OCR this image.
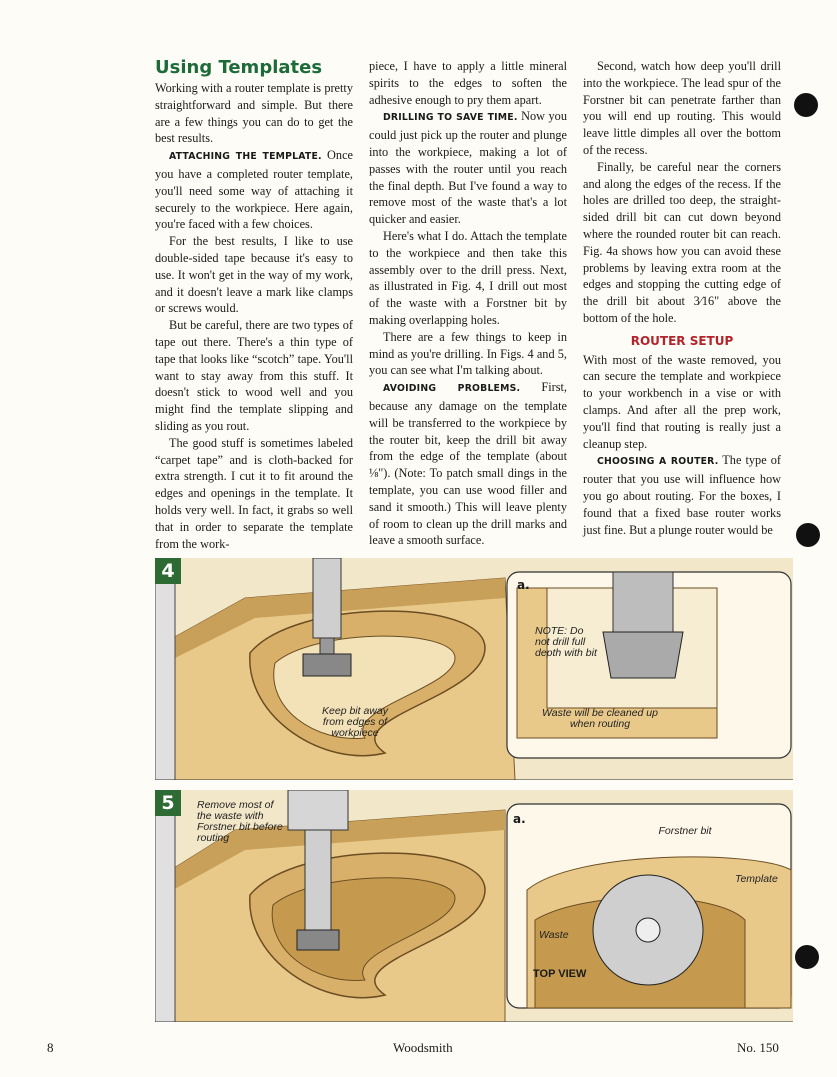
Using Templates

Working with a router template is pretty straightforward and simple. But there are a few things you can do to get the best results.

ATTACHING THE TEMPLATE. Once you have a completed router template, you'll need some way of attaching it securely to the workpiece. Here again, you're faced with a few choices.

For the best results, I like to use double-sided tape because it's easy to use. It won't get in the way of my work, and it doesn't leave a mark like clamps or screws would.

But be careful, there are two types of tape out there. There's a thin type of tape that looks like “scotch” tape. You'll want to stay away from this stuff. It doesn't stick to wood well and you might find the template slipping and sliding as you rout.

The good stuff is sometimes labeled “carpet tape” and is cloth-backed for extra strength. I cut it to fit around the edges and openings in the template. It holds very well. In fact, it grabs so well that in order to separate the template from the work-

piece, I have to apply a little mineral spirits to the edges to soften the adhesive enough to pry them apart.

DRILLING TO SAVE TIME. Now you could just pick up the router and plunge into the workpiece, making a lot of passes with the router until you reach the final depth. But I've found a way to remove most of the waste that's a lot quicker and easier.

Here's what I do. Attach the template to the workpiece and then take this assembly over to the drill press. Next, as illustrated in Fig. 4, I drill out most of the waste with a Forstner bit by making overlapping holes.

There are a few things to keep in mind as you're drilling. In Figs. 4 and 5, you can see what I'm talking about.

AVOIDING PROBLEMS. First, because any damage on the template will be transferred to the workpiece by the router bit, keep the drill bit away from the edge of the template (about ⅛"). (Note: To patch small dings in the template, you can use wood filler and sand it smooth.) This will leave plenty of room to clean up the drill marks and leave a smooth surface.

Second, watch how deep you'll drill into the workpiece. The lead spur of the Forstner bit can penetrate farther than you will end up routing. This would leave little dimples all over the bottom of the recess.

Finally, be careful near the corners and along the edges of the recess. If the holes are drilled too deep, the straight-sided drill bit can cut down beyond where the rounded router bit can reach. Fig. 4a shows how you can avoid these problems by leaving extra room at the edges and stopping the cutting edge of the drill bit about 3⁄16" above the bottom of the hole.

ROUTER SETUP

With most of the waste removed, you can secure the template and workpiece to your workbench in a vise or with clamps. And after all the prep work, you'll find that routing is really just a cleanup step.

CHOOSING A ROUTER. The type of router that you use will influence how you go about routing. For the boxes, I found that a fixed base router works just fine. But a plunge router would be

4
a.
Keep bit away from edges of workpiece
NOTE: Do not drill full depth with bit
Waste will be cleaned up when routing
5	Remove most of the waste with Forstner bit before routing
a.
Forstner bit
Template
Waste
TOP VIEW
8	Woodsmith	No. 150
